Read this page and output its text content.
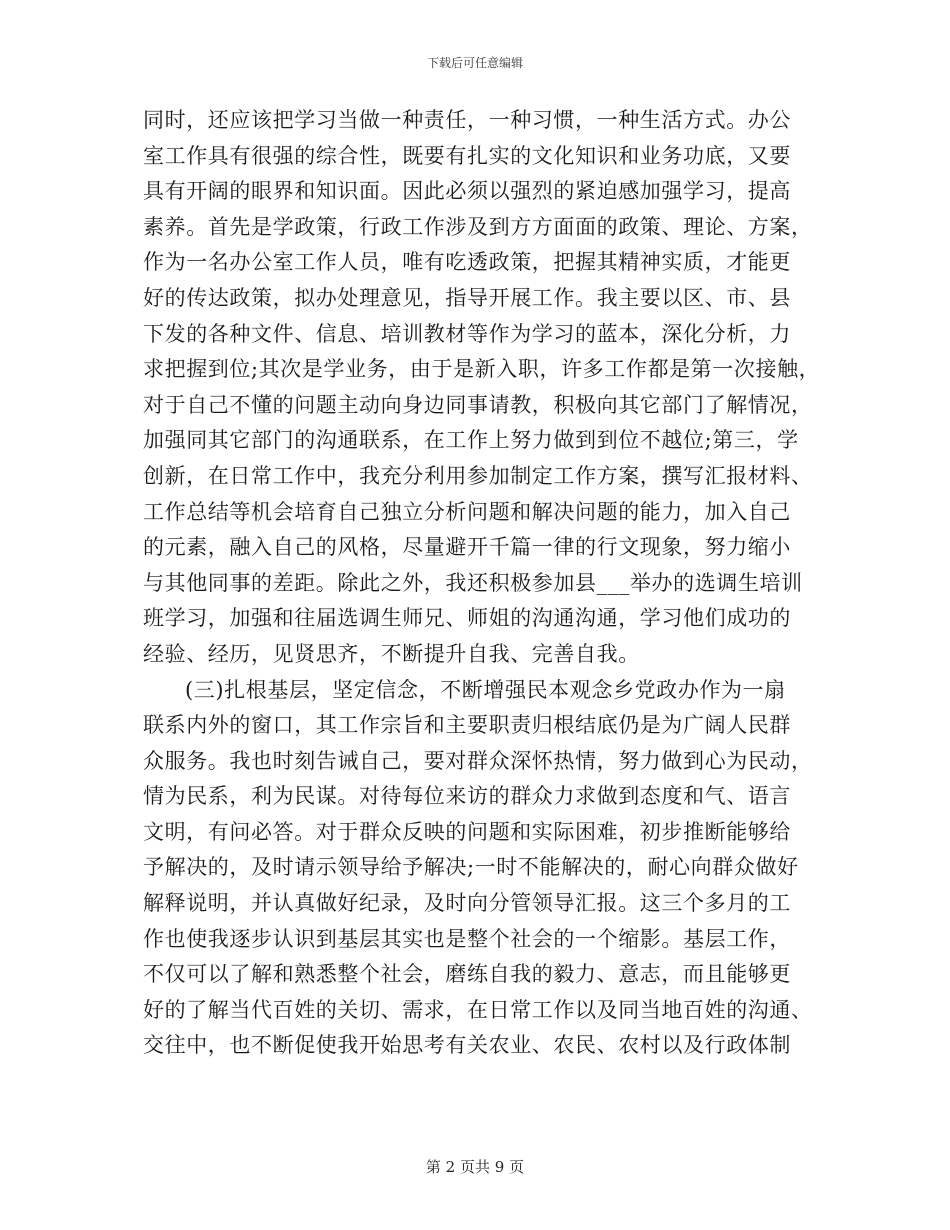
下载后可任意编辑
同时，还应该把学习当做一种责任，一种习惯，一种生活方式。办公
室工作具有很强的综合性，既要有扎实的文化知识和业务功底，又要
具有开阔的眼界和知识面。因此必须以强烈的紧迫感加强学习，提高
素养。首先是学政策，行政工作涉及到方方面面的政策、理论、方案，
作为一名办公室工作人员，唯有吃透政策，把握其精神实质，才能更
好的传达政策，拟办处理意见，指导开展工作。我主要以区、市、县
下发的各种文件、信息、培训教材等作为学习的蓝本，深化分析，力
求把握到位;其次是学业务，由于是新入职，许多工作都是第一次接触，
对于自己不懂的问题主动向身边同事请教，积极向其它部门了解情况，
加强同其它部门的沟通联系，在工作上努力做到到位不越位;第三，学
创新，在日常工作中，我充分利用参加制定工作方案，撰写汇报材料、
工作总结等机会培育自己独立分析问题和解决问题的能力，加入自己
的元素，融入自己的风格，尽量避开千篇一律的行文现象，努力缩小
与其他同事的差距。除此之外，我还积极参加县___举办的选调生培训
班学习，加强和往届选调生师兄、师姐的沟通沟通，学习他们成功的
经验、经历，见贤思齐，不断提升自我、完善自我。
(三)扎根基层，坚定信念，不断增强民本观念乡党政办作为一扇
联系内外的窗口，其工作宗旨和主要职责归根结底仍是为广阔人民群
众服务。我也时刻告诫自己，要对群众深怀热情，努力做到心为民动，
情为民系，利为民谋。对待每位来访的群众力求做到态度和气、语言
文明，有问必答。对于群众反映的问题和实际困难，初步推断能够给
予解决的，及时请示领导给予解决;一时不能解决的，耐心向群众做好
解释说明，并认真做好纪录，及时向分管领导汇报。这三个多月的工
作也使我逐步认识到基层其实也是整个社会的一个缩影。基层工作，
不仅可以了解和熟悉整个社会，磨练自我的毅力、意志，而且能够更
好的了解当代百姓的关切、需求，在日常工作以及同当地百姓的沟通、
交往中，也不断促使我开始思考有关农业、农民、农村以及行政体制
第 2 页共 9 页
